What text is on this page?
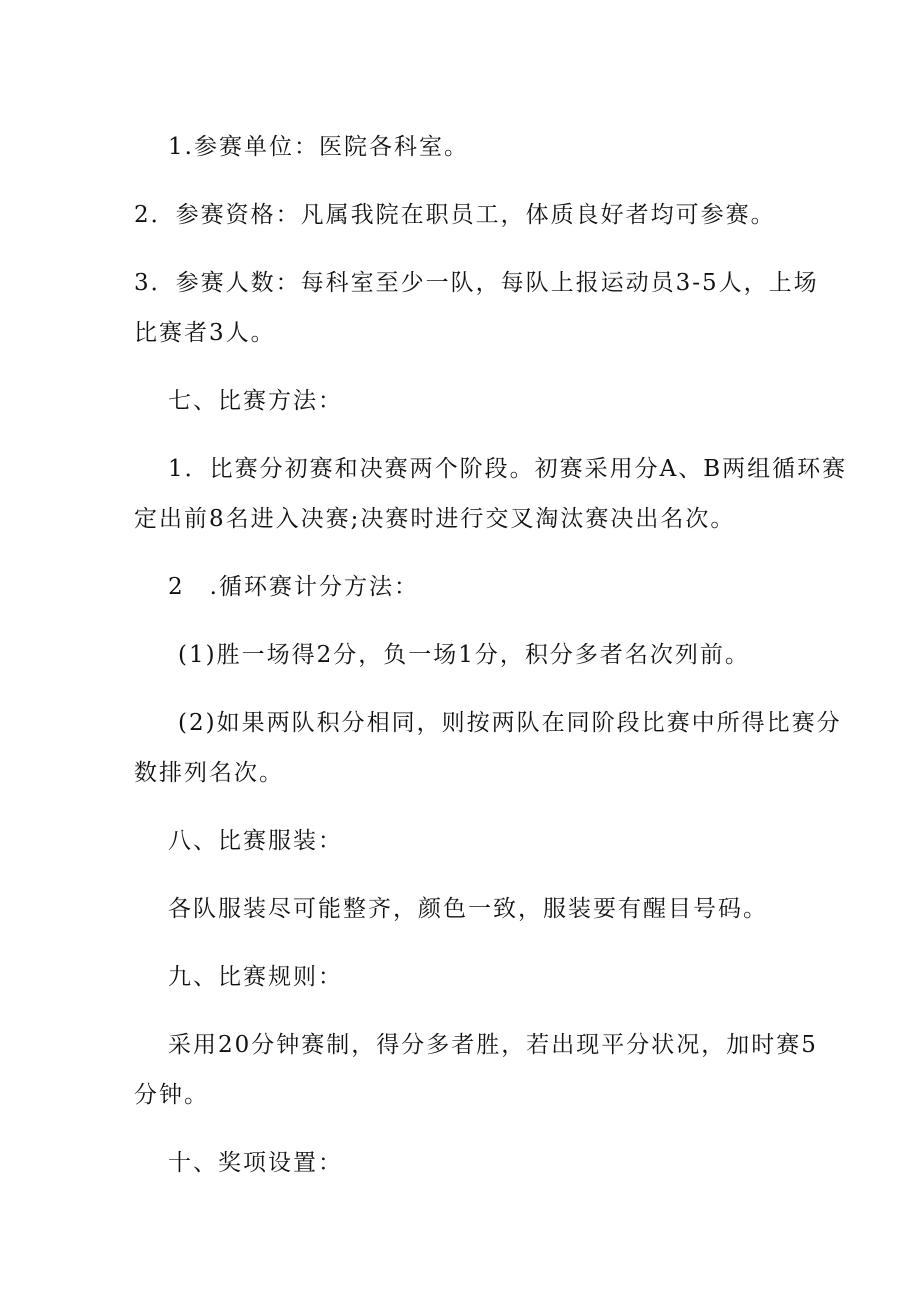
1.参赛单位：医院各科室。
2．参赛资格：凡属我院在职员工，体质良好者均可参赛。
3．参赛人数：每科室至少一队，每队上报运动员3-5人，上场
比赛者3人。
七、比赛方法：
1．比赛分初赛和决赛两个阶段。初赛采用分A、B两组循环赛
定出前8名进入决赛;决赛时进行交叉淘汰赛决出名次。
2　.循环赛计分方法：
(1)胜一场得2分，负一场1分，积分多者名次列前。
(2)如果两队积分相同，则按两队在同阶段比赛中所得比赛分
数排列名次。
八、比赛服装：
各队服装尽可能整齐，颜色一致，服装要有醒目号码。
九、比赛规则：
采用20分钟赛制，得分多者胜，若出现平分状况，加时赛5
分钟。
十、奖项设置：
